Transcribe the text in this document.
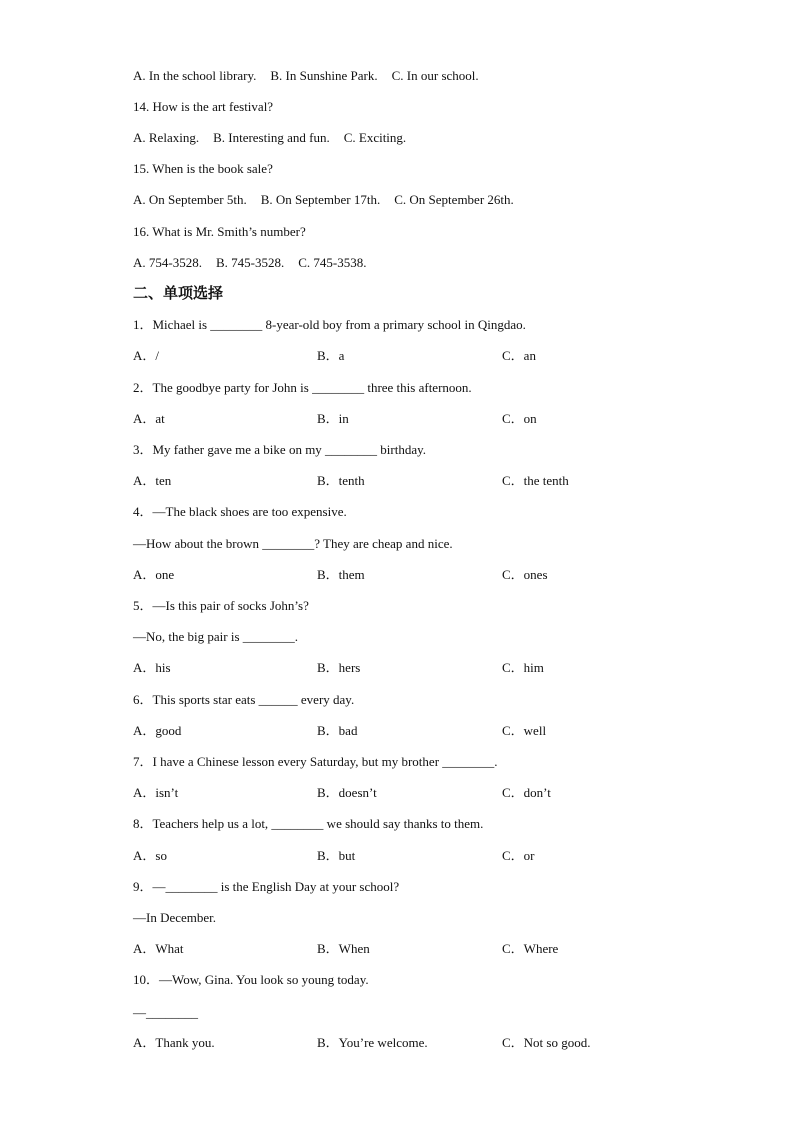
A. In the school library. B. In Sunshine Park. C. In our school.
14. How is the art festival?
A. Relaxing. B. Interesting and fun. C. Exciting.
15. When is the book sale?
A. On September 5th. B. On September 17th. C. On September 26th.
16. What is Mr. Smith’s number?
A. 754-3528. B. 745-3528. C. 745-3538.
二、单项选择
1．Michael is ________ 8-year-old boy from a primary school in Qingdao.
A．/	B．a	C．an
2．The goodbye party for John is ________ three this afternoon.
A．at	B．in	C．on
3．My father gave me a bike on my ________ birthday.
A．ten	B．tenth	C．the tenth
4．—The black shoes are too expensive.
—How about the brown ________? They are cheap and nice.
A．one	B．them	C．ones
5．—Is this pair of socks John’s?
—No, the big pair is ________.
A．his	B．hers	C．him
6．This sports star eats ______ every day.
A．good	B．bad	C．well
7．I have a Chinese lesson every Saturday, but my brother ________.
A．isn’t	B．doesn’t	C．don’t
8．Teachers help us a lot, ________ we should say thanks to them.
A．so	B．but	C．or
9．—________ is the English Day at your school?
—In December.
A．What	B．When	C．Where
10．—Wow, Gina. You look so young today.
—________
A．Thank you.	B．You’re welcome.	C．Not so good.
